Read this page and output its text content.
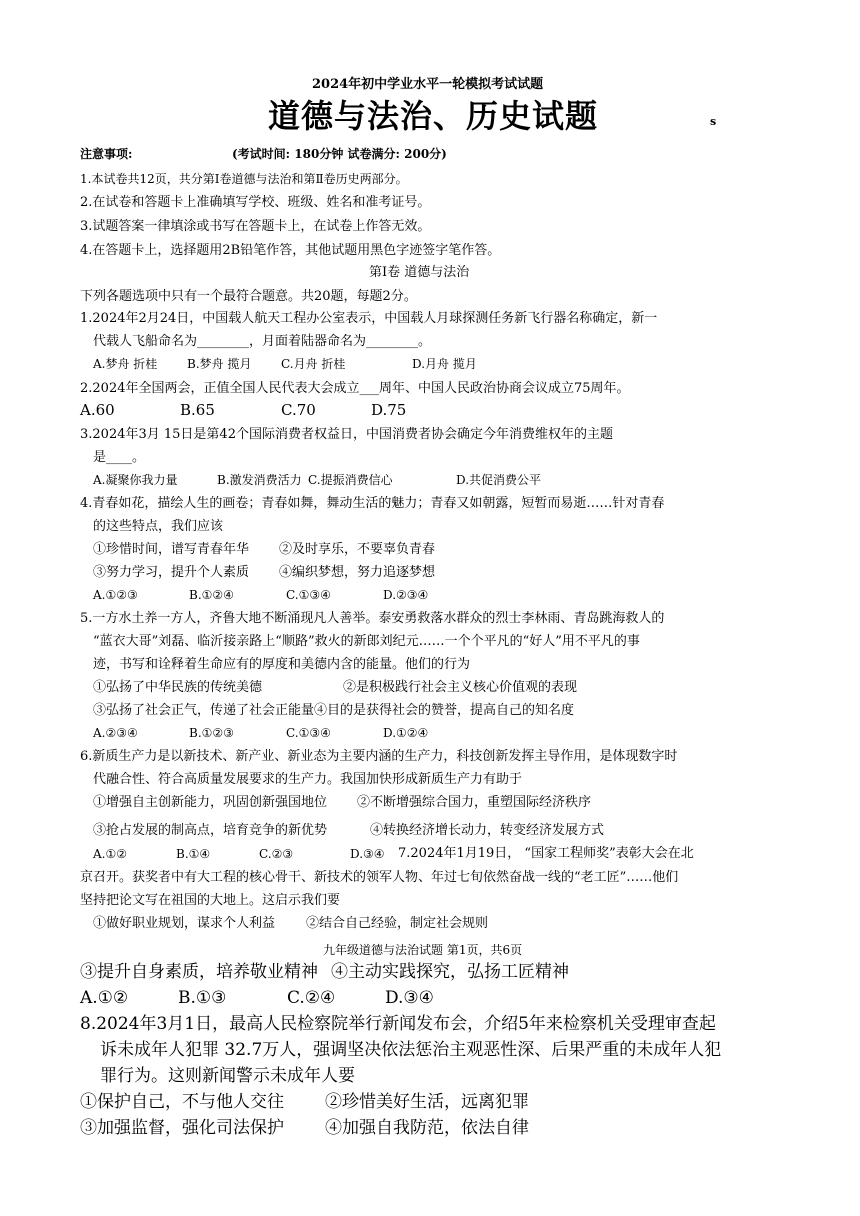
2024年初中学业水平一轮模拟考试试题
道德与法治、历史试题	s
注意事项:	(考试时间: 180分钟 试卷满分: 200分)
1.本试卷共12页，共分第Ⅰ卷道德与法治和第Ⅱ卷历史两部分。
2.在试卷和答题卡上准确填写学校、班级、姓名和准考证号。
3.试题答案一律填涂或书写在答题卡上，在试卷上作答无效。
4.在答题卡上，选择题用2B铅笔作答，其他试题用黑色字迹签字笔作答。
第Ⅰ卷 道德与法治
下列各题选项中只有一个最符合题意。共20题，每题2分。
1.2024年2月24日，中国载人航天工程办公室表示，中国载人月球探测任务新飞行器名称确定，新一
代载人飞船命名为________，月面着陆器命名为________。
A.梦舟 折桂 B.梦舟 揽月 C.月舟 折桂	D.月舟 揽月
2.2024年全国两会，正值全国人民代表大会成立___周年、中国人民政治协商会议成立75周年。
A.60	B.65	C.70	D.75
3.2024年3月 15日是第42个国际消费者权益日，中国消费者协会确定今年消费维权年的主题
是____。
A.凝聚你我力量	B.激发消费活力 C.提振消费信心	D.共促消费公平
4.青春如花，描绘人生的画卷；青春如舞，舞动生活的魅力；青春又如朝露，短暂而易逝……针对青春
的这些特点，我们应该
①珍惜时间，谱写青春年华 ②及时享乐，不要辜负青春
③努力学习，提升个人素质 ④编织梦想，努力追逐梦想
A.①②③	B.①②④	C.①③④	D.②③④
5.一方水土养一方人，齐鲁大地不断涌现凡人善举。泰安勇救落水群众的烈士李林雨、青岛跳海救人的
“蓝衣大哥”刘磊、临沂接亲路上“顺路”救火的新郎刘纪元……一个个平凡的“好人”用不平凡的事
迹，书写和诠释着生命应有的厚度和美德内含的能量。他们的行为
①弘扬了中华民族的传统美德	②是积极践行社会主义核心价值观的表现
③弘扬了社会正气，传递了社会正能量④目的是获得社会的赞誉，提高自己的知名度
A.②③④	B.①②③	C.①③④	D.①②④
6.新质生产力是以新技术、新产业、新业态为主要内涵的生产力，科技创新发挥主导作用，是体现数字时
代融合性、符合高质量发展要求的生产力。我国加快形成新质生产力有助于
①增强自主创新能力，巩固创新强国地位 ②不断增强综合国力，重塑国际经济秩序
③抢占发展的制高点，培育竞争的新优势	④转换经济增长动力，转变经济发展方式
A.①②	B.①④	C.②③	D.③④ 7.2024年1月19日， “国家工程师奖”表彰大会在北
京召开。获奖者中有大工程的核心骨干、新技术的领军人物、年过七旬依然奋战一线的“老工匠”……他们
坚持把论文写在祖国的大地上。这启示我们要
①做好职业规划，谋求个人利益 ②结合自己经验，制定社会规则
九年级道德与法治试题 第1页，共6页
③提升自身素质，培养敬业精神 ④主动实践探究，弘扬工匠精神
A.①②	B.①③	C.②④	D.③④
8.2024年3月1日，最高人民检察院举行新闻发布会，介绍5年来检察机关受理审查起
诉未成年人犯罪 32.7万人，强调坚决依法惩治主观恶性深、后果严重的未成年人犯
罪行为。这则新闻警示未成年人要
①保护自己，不与他人交往 ②珍惜美好生活，远离犯罪
③加强监督，强化司法保护 ④加强自我防范，依法自律
